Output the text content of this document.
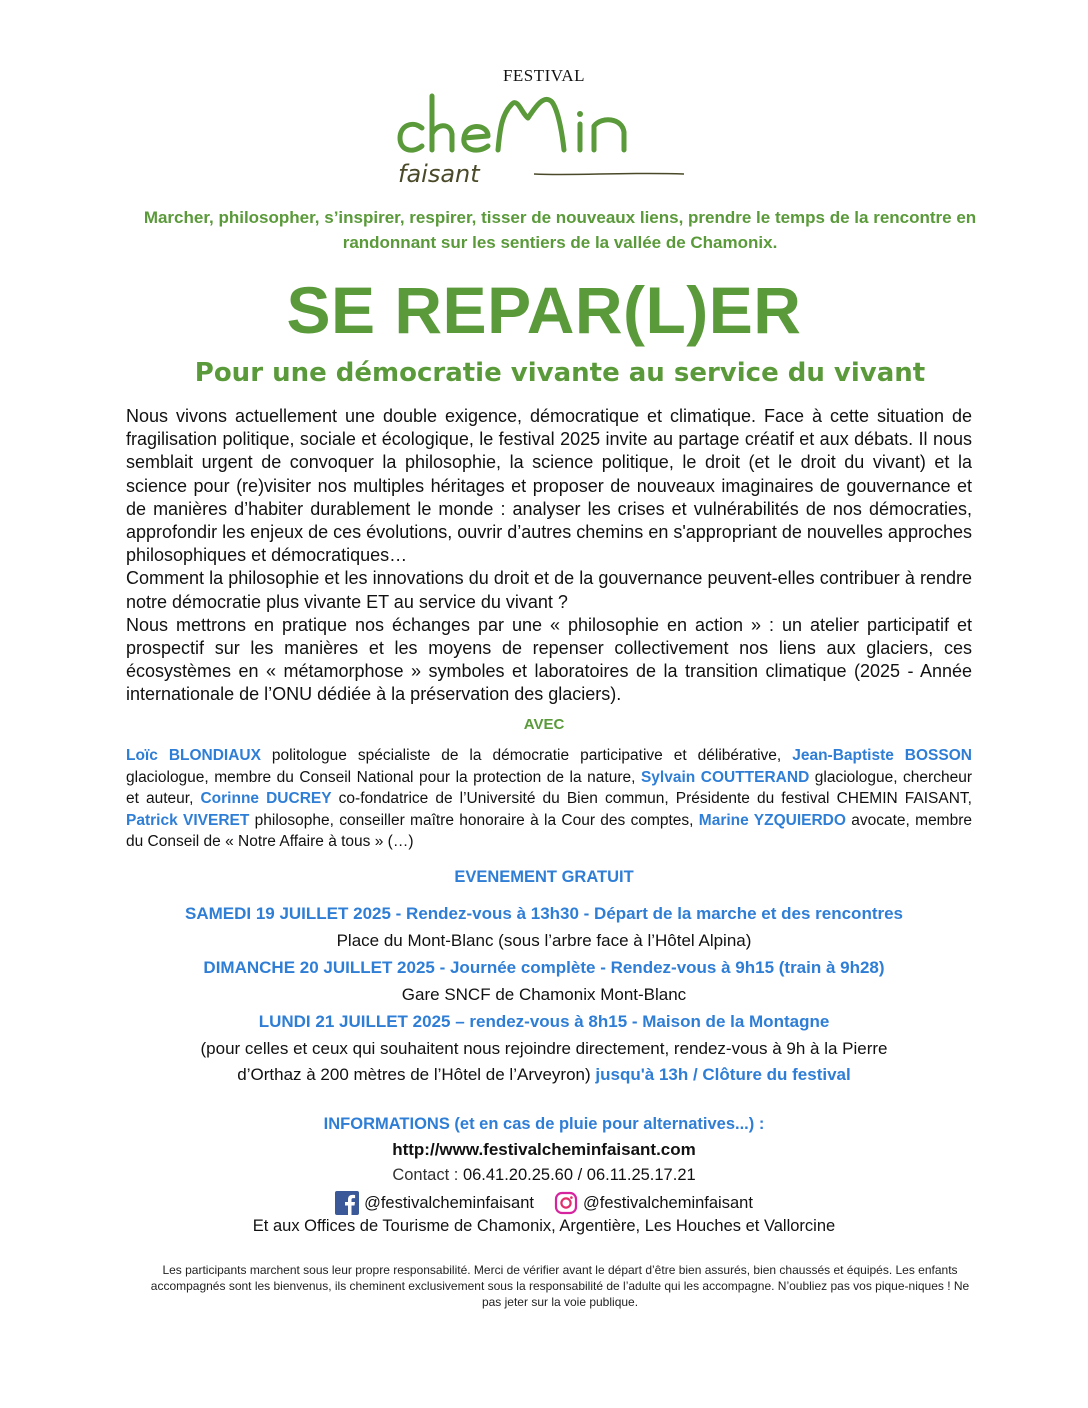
FESTIVAL
faisant
Marcher, philosopher, s’inspirer, respirer, tisser de nouveaux liens, prendre le temps de la rencontre en randonnant sur les sentiers de la vallée de Chamonix.
SE REPAR(L)ER
Pour une démocratie vivante au service du vivant

Nous vivons actuellement une double exigence, démocratique et climatique. Face à cette situation de fragilisation politique, sociale et écologique, le festival 2025 invite au partage créatif et aux débats. Il nous semblait urgent de convoquer la philosophie, la science politique, le droit (et le droit du vivant) et la science pour (re)visiter nos multiples héritages et proposer de nouveaux imaginaires de gouvernance et de manières d’habiter durablement le monde : analyser les crises et vulnérabilités de nos démocraties, approfondir les enjeux de ces évolutions, ouvrir d’autres chemins en s'appropriant de nouvelles approches philosophiques et démocratiques…

Comment la philosophie et les innovations du droit et de la gouvernance peuvent-elles contribuer à rendre notre démocratie plus vivante ET au service du vivant ?

Nous mettrons en pratique nos échanges par une « philosophie en action » : un atelier participatif et prospectif sur les manières et les moyens de repenser collectivement nos liens aux glaciers, ces écosystèmes en « métamorphose » symboles et laboratoires de la transition climatique (2025 - Année internationale de l’ONU dédiée à la préservation des glaciers).

AVEC
Loïc BLONDIAUX politologue spécialiste de la démocratie participative et délibérative, Jean-Baptiste BOSSON glaciologue, membre du Conseil National pour la protection de la nature, Sylvain COUTTERAND glaciologue, chercheur et auteur, Corinne DUCREY co-fondatrice de l’Université du Bien commun, Présidente du festival CHEMIN FAISANT, Patrick VIVERET philosophe, conseiller maître honoraire à la Cour des comptes, Marine YZQUIERDO avocate, membre du Conseil de « Notre Affaire à tous » (…)
EVENEMENT GRATUIT
SAMEDI 19 JUILLET 2025 - Rendez-vous à 13h30 - Départ de la marche et des rencontres
Place du Mont-Blanc (sous l’arbre face à l’Hôtel Alpina)
DIMANCHE 20 JUILLET 2025 - Journée complète - Rendez-vous à 9h15 (train à 9h28)
Gare SNCF de Chamonix Mont-Blanc
LUNDI 21 JUILLET 2025 – rendez-vous à 8h15 - Maison de la Montagne
(pour celles et ceux qui souhaitent nous rejoindre directement, rendez-vous à 9h à la Pierre
d’Orthaz à 200 mètres de l’Hôtel de l’Arveyron) jusqu'à 13h / Clôture du festival
INFORMATIONS (et en cas de pluie pour alternatives...) :
http://www.festivalcheminfaisant.com
Contact : 06.41.20.25.60 / 06.11.25.17.21
@festivalcheminfaisant	@festivalcheminfaisant
Et aux Offices de Tourisme de Chamonix, Argentière, Les Houches et Vallorcine
Les participants marchent sous leur propre responsabilité. Merci de vérifier avant le départ d’être bien assurés, bien chaussés et équipés. Les enfants accompagnés sont les bienvenus, ils cheminent exclusivement sous la responsabilité de l’adulte qui les accompagne. N’oubliez pas vos pique-niques ! Ne pas jeter sur la voie publique.
